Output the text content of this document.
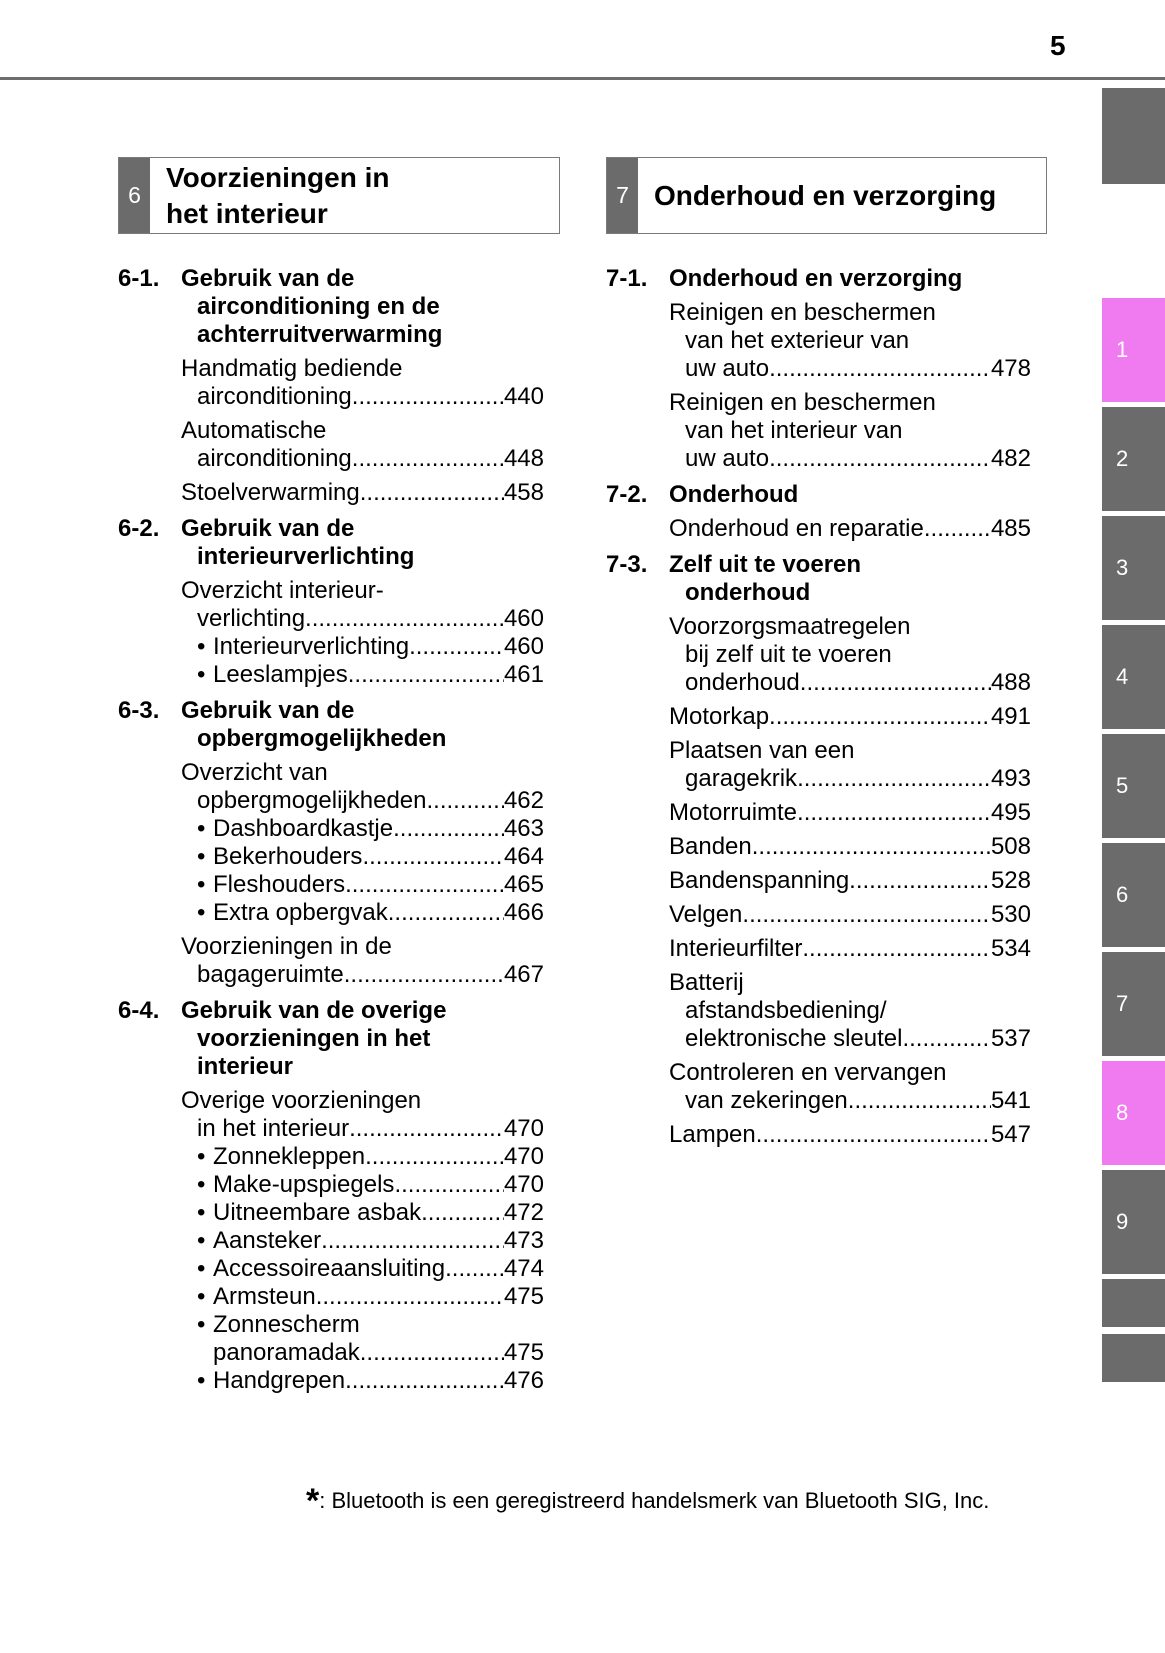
5
6
Voorzieningen in
het interieur
7 Onderhoud en verzorging
6-1. Gebruik van de
airconditioning en de
achterruitverwarming
Handmatig bediende
airconditioning .....	440
Automatische
airconditioning .....	448
Stoelverwarming .....	458
6-2. Gebruik van de
interieurverlichting
Overzicht interieur-
verlichting .....	460
• Interieurverlichting .....	460
• Leeslampjes .....	461
6-3. Gebruik van de
opbergmogelijkheden
Overzicht van
opbergmogelijkheden .....	462
• Dashboardkastje .....	463
• Bekerhouders .....	464
• Fleshouders .....	465
• Extra opbergvak .....	466
Voorzieningen in de
bagageruimte .....	467
6-4. Gebruik van de overige
voorzieningen in het
interieur
Overige voorzieningen
in het interieur .....	470
• Zonnekleppen .....	470
• Make-upspiegels .....	470
• Uitneembare asbak .....	472
• Aansteker .....	473
• Accessoireaansluiting ..... 474
• Armsteun .....	475
• Zonnescherm
panoramadak .....	475
• Handgrepen .....	476
7-1. Onderhoud en verzorging
Reinigen en beschermen
van het exterieur van
uw auto .....	478
Reinigen en beschermen
van het interieur van
uw auto .....	482
7-2. Onderhoud
Onderhoud en reparatie .....	485
7-3. Zelf uit te voeren
onderhoud
Voorzorgsmaatregelen
bij zelf uit te voeren
onderhoud .....	488
Motorkap .....	491
Plaatsen van een
garagekrik .....	493
Motorruimte .....	495
Banden .....	508
Bandenspanning .....	528
Velgen .....	530
Interieurfilter .....	534
Batterij
afstandsbediening/
elektronische sleutel .....	537
Controleren en vervangen
van zekeringen .....	541
Lampen .....	547
1
2
3
4
5
6
7
8
9
*: Bluetooth is een geregistreerd handelsmerk van Bluetooth SIG, Inc.
